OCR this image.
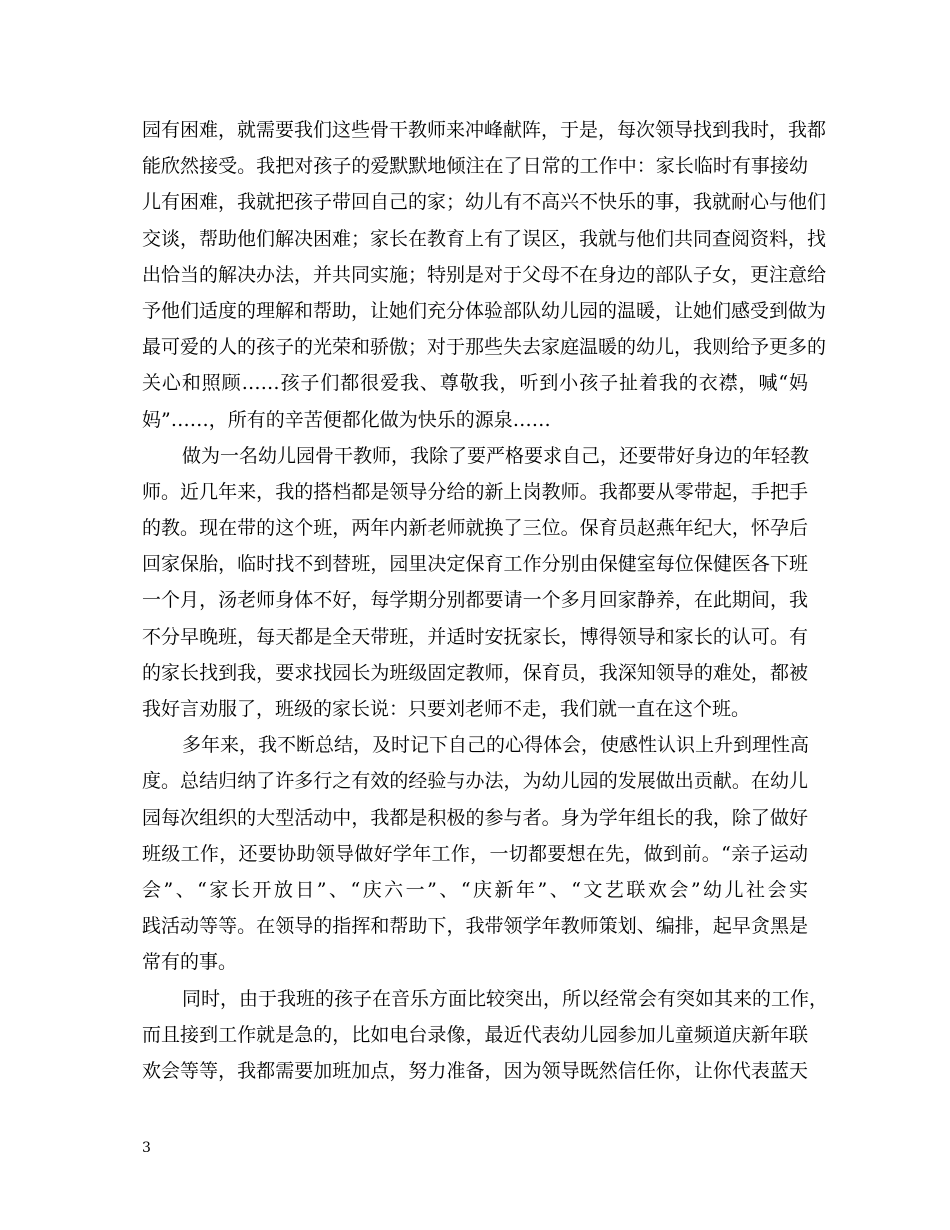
园有困难，就需要我们这些骨干教师来冲峰献阵，于是，每次领导找到我时，我都
能欣然接受。我把对孩子的爱默默地倾注在了日常的工作中：家长临时有事接幼
儿有困难，我就把孩子带回自己的家；幼儿有不高兴不快乐的事，我就耐心与他们
交谈，帮助他们解决困难；家长在教育上有了误区，我就与他们共同查阅资料，找
出恰当的解决办法，并共同实施；特别是对于父母不在身边的部队子女，更注意给
予他们适度的理解和帮助，让她们充分体验部队幼儿园的温暖，让她们感受到做为
最可爱的人的孩子的光荣和骄傲；对于那些失去家庭温暖的幼儿，我则给予更多的
关心和照顾……孩子们都很爱我、尊敬我，听到小孩子扯着我的衣襟，喊“妈
妈”……，所有的辛苦便都化做为快乐的源泉……
做为一名幼儿园骨干教师，我除了要严格要求自己，还要带好身边的年轻教
师。近几年来，我的搭档都是领导分给的新上岗教师。我都要从零带起，手把手
的教。现在带的这个班，两年内新老师就换了三位。保育员赵燕年纪大，怀孕后
回家保胎，临时找不到替班，园里决定保育工作分别由保健室每位保健医各下班
一个月，汤老师身体不好，每学期分别都要请一个多月回家静养，在此期间，我
不分早晚班，每天都是全天带班，并适时安抚家长，博得领导和家长的认可。有
的家长找到我，要求找园长为班级固定教师，保育员，我深知领导的难处，都被
我好言劝服了，班级的家长说：只要刘老师不走，我们就一直在这个班。
多年来，我不断总结，及时记下自己的心得体会，使感性认识上升到理性高
度。总结归纳了许多行之有效的经验与办法，为幼儿园的发展做出贡献。在幼儿
园每次组织的大型活动中，我都是积极的参与者。身为学年组长的我，除了做好
班级工作，还要协助领导做好学年工作，一切都要想在先，做到前。“亲子运动
会”、“家长开放日”、“庆六一”、“庆新年”、“文艺联欢会”幼儿社会实
践活动等等。在领导的指挥和帮助下，我带领学年教师策划、编排，起早贪黑是
常有的事。
同时，由于我班的孩子在音乐方面比较突出，所以经常会有突如其来的工作，
而且接到工作就是急的，比如电台录像，最近代表幼儿园参加儿童频道庆新年联
欢会等等，我都需要加班加点，努力准备，因为领导既然信任你，让你代表蓝天
3
